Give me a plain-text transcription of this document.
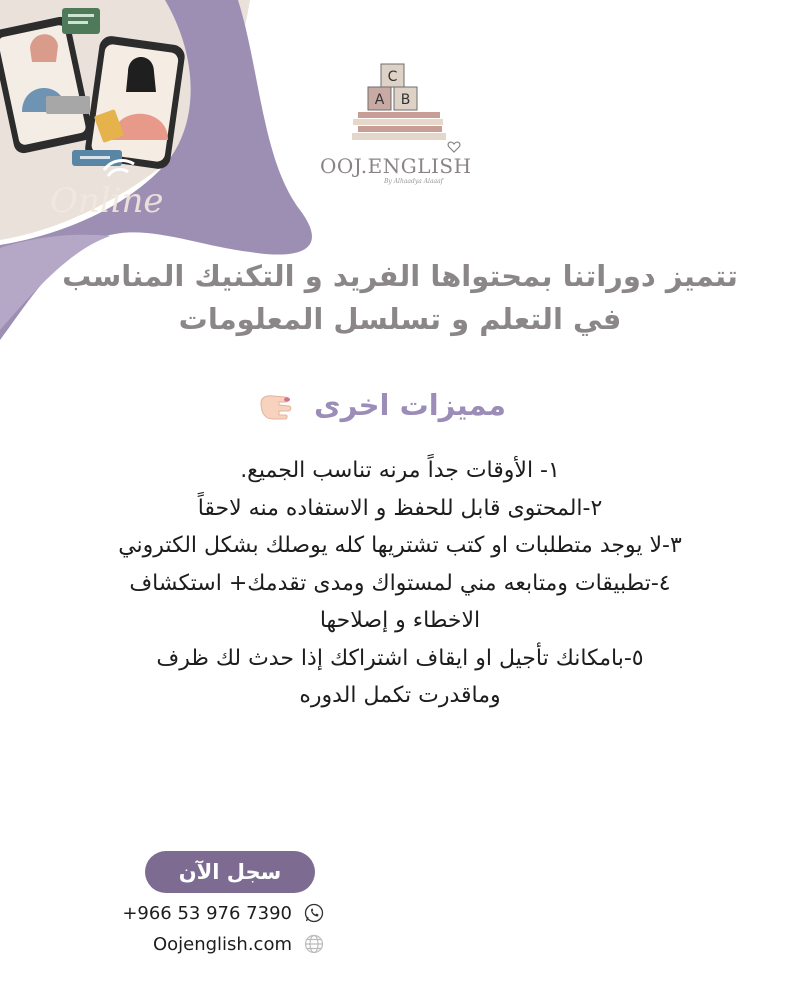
Online
C
A B
OOJ.ENGLISH
By Alhaadya Alaaaf
تتميز دوراتنا بمحتواها الفريد و التكنيك المناسب
في التعلم و تسلسل المعلومات
مميزات اخرى
١- الأوقات جداً مرنه تناسب الجميع.
٢-المحتوى قابل للحفظ و الاستفاده منه لاحقاً
٣-لا يوجد متطلبات او كتب تشتريها كله يوصلك بشكل الكتروني
٤-تطبيقات ومتابعه مني لمستواك ومدى تقدمك+ استكشاف
الاخطاء و إصلاحها
٥-بامكانك تأجيل او ايقاف اشتراكك إذا حدث لك ظرف
وماقدرت تكمل الدوره
سجل الآن
+966 53 976 7390
Oojenglish.com
